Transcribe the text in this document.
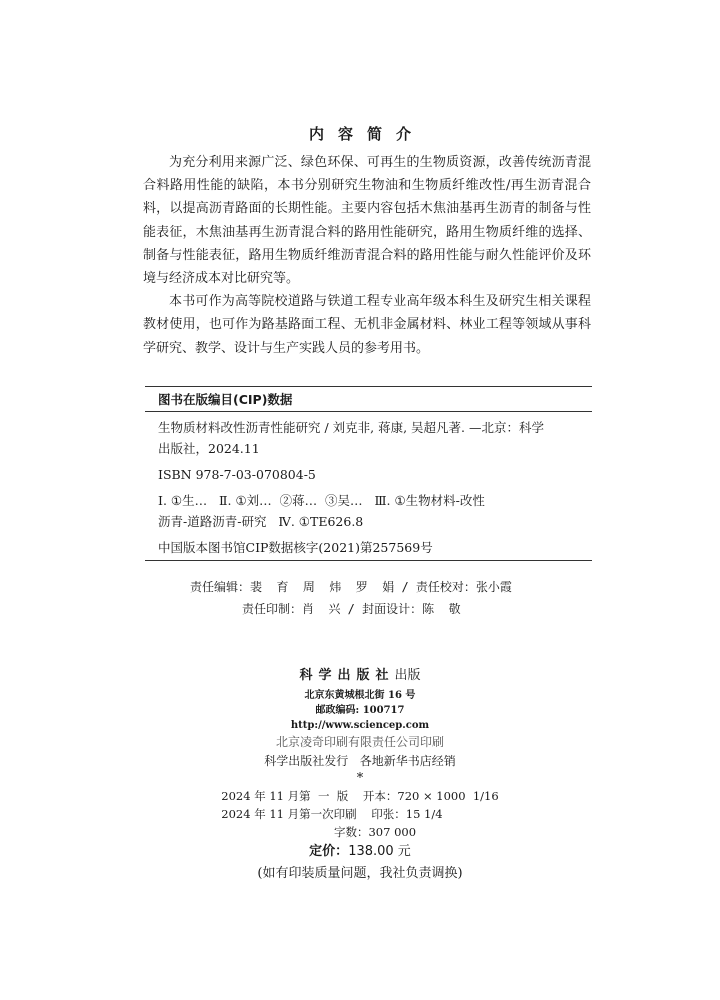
内容简介

为充分利用来源广泛、绿色环保、可再生的生物质资源，改善传统沥青混合料路用性能的缺陷，本书分别研究生物油和生物质纤维改性/再生沥青混合料，以提高沥青路面的长期性能。主要内容包括木焦油基再生沥青的制备与性能表征，木焦油基再生沥青混合料的路用性能研究，路用生物质纤维的选择、制备与性能表征，路用生物质纤维沥青混合料的路用性能与耐久性能评价及环境与经济成本对比研究等。

本书可作为高等院校道路与铁道工程专业高年级本科生及研究生相关课程教材使用，也可作为路基路面工程、无机非金属材料、林业工程等领域从事科学研究、教学、设计与生产实践人员的参考用书。

图书在版编目(CIP)数据
生物质材料改性沥青性能研究 / 刘克非, 蒋康, 吴超凡著. —北京：科学
出版社，2024.11
ISBN 978-7-03-070804-5
Ⅰ. ①生…   Ⅱ. ①刘…  ②蒋…  ③吴…   Ⅲ. ①生物材料-改性
沥青-道路沥青-研究   Ⅳ. ①TE626.8
中国版本图书馆CIP数据核字(2021)第257569号
责任编辑：裴  育  周  炜  罗  娟 / 责任校对：张小霞
责任印制：肖  兴 / 封面设计：陈  敬
科学出版社出版
北京东黄城根北街 16 号
邮政编码: 100717
http://www.sciencep.com
北京凌奇印刷有限责任公司印刷
科学出版社发行   各地新华书店经销
*
2024 年 11 月第  一  版    开本：720 × 1000  1/16
2024 年 11 月第一次印刷    印张：15 1/4
字数：307 000
定价：138.00 元
(如有印装质量问题，我社负责调换)
